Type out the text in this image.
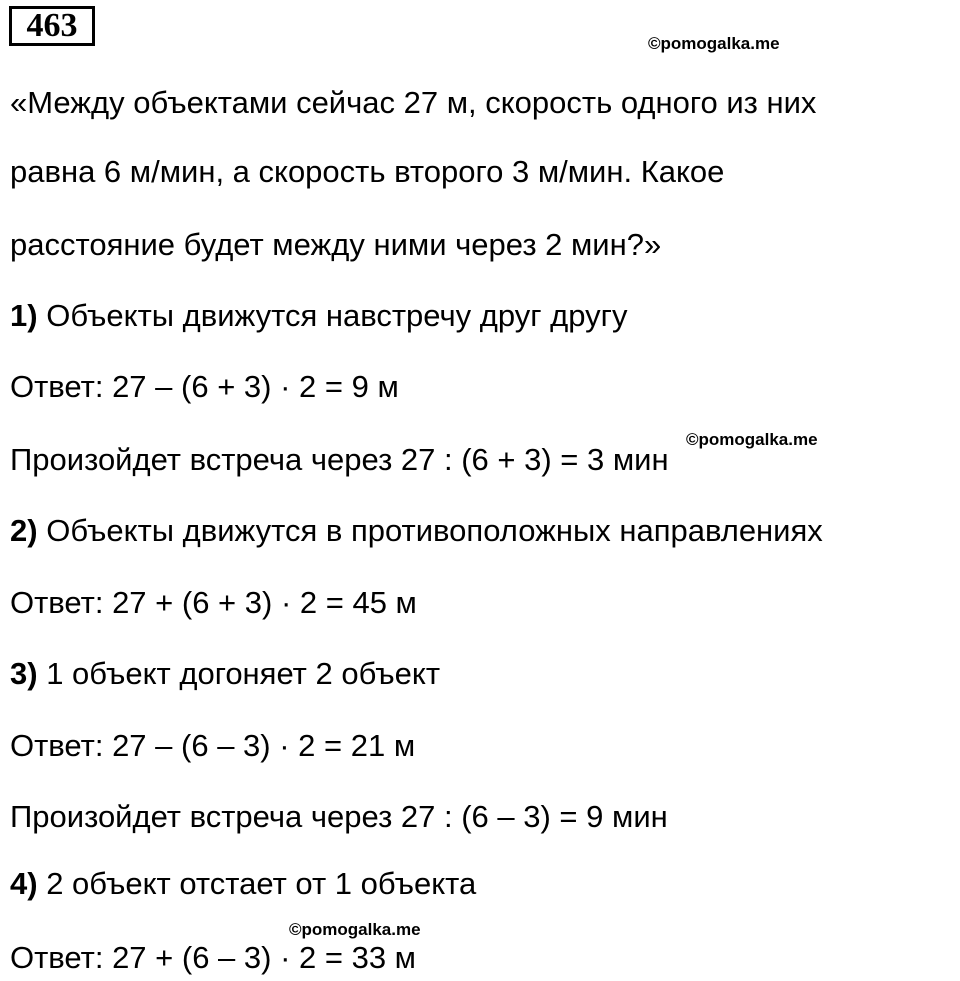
463	©pomogalka.me
«Между объектами сейчас 27 м, скорость одного из них
равна 6 м/мин, а скорость второго 3 м/мин. Какое
расстояние будет между ними через 2 мин?»
1) Объекты движутся навстречу друг другу
Ответ: 27 – (6 + 3) · 2 = 9 м
Произойдет встреча через 27 : (6 + 3) = 3 мин
©pomogalka.me
2) Объекты движутся в противоположных направлениях
Ответ: 27 + (6 + 3) · 2 = 45 м
3) 1 объект догоняет 2 объект
Ответ: 27 – (6 – 3) · 2 = 21 м
Произойдет встреча через 27 : (6 – 3) = 9 мин
4) 2 объект отстает от 1 объекта
©pomogalka.me
Ответ: 27 + (6 – 3) · 2 = 33 м
